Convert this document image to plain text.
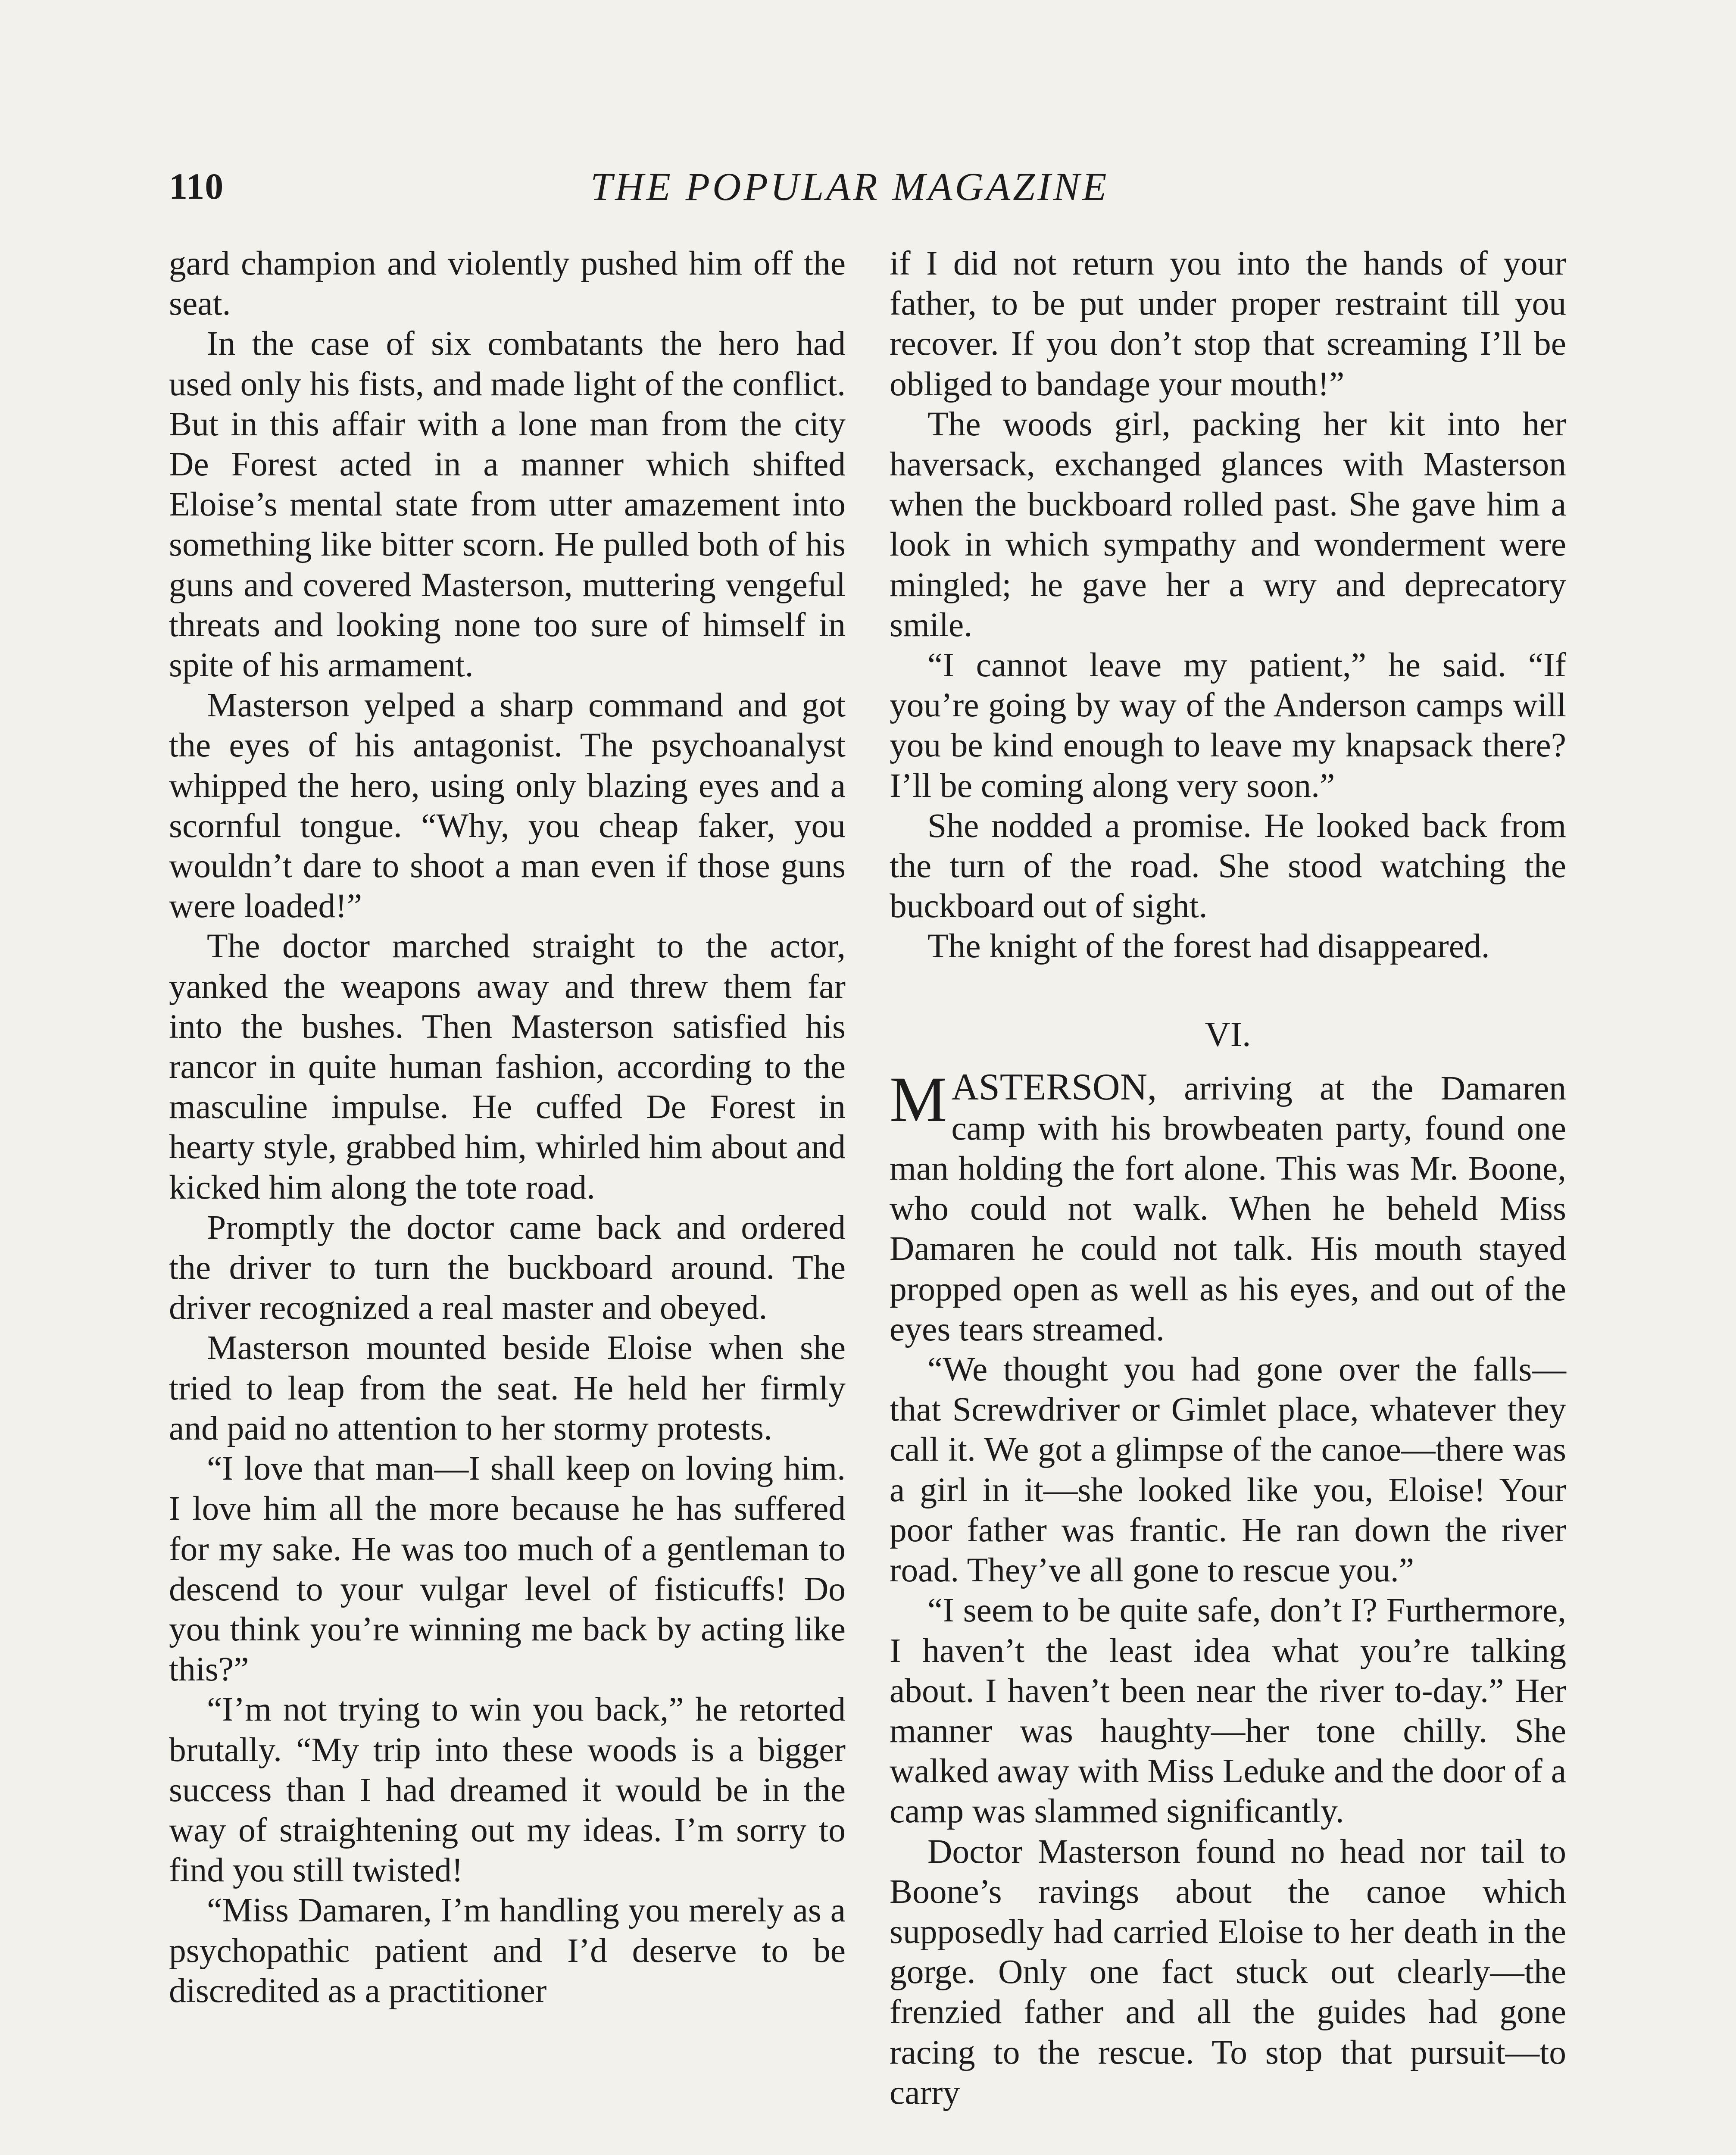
110	THE POPULAR MAGAZINE

gard champion and violently pushed him off the seat.

In the case of six combatants the hero had used only his fists, and made light of the conflict. But in this affair with a lone man from the city De Forest acted in a manner which shifted Eloise’s mental state from utter amazement into something like bitter scorn. He pulled both of his guns and covered Masterson, muttering vengeful threats and looking none too sure of himself in spite of his armament.

Masterson yelped a sharp command and got the eyes of his antagonist. The psychoanalyst whipped the hero, using only blazing eyes and a scornful tongue. “Why, you cheap faker, you wouldn’t dare to shoot a man even if those guns were loaded!”

The doctor marched straight to the actor, yanked the weapons away and threw them far into the bushes. Then Masterson satisfied his rancor in quite human fashion, according to the masculine impulse. He cuffed De Forest in hearty style, grabbed him, whirled him about and kicked him along the tote road.

Promptly the doctor came back and ordered the driver to turn the buckboard around. The driver recognized a real master and obeyed.

Masterson mounted beside Eloise when she tried to leap from the seat. He held her firmly and paid no attention to her stormy protests.

“I love that man—I shall keep on loving him. I love him all the more because he has suffered for my sake. He was too much of a gentleman to descend to your vulgar level of fisticuffs! Do you think you’re winning me back by acting like this?”

“I’m not trying to win you back,” he retorted brutally. “My trip into these woods is a bigger success than I had dreamed it would be in the way of straightening out my ideas. I’m sorry to find you still twisted!

“Miss Damaren, I’m handling you merely as a psychopathic patient and I’d deserve to be discredited as a practitioner

if I did not return you into the hands of your father, to be put under proper restraint till you recover. If you don’t stop that screaming I’ll be obliged to bandage your mouth!”

The woods girl, packing her kit into her haversack, exchanged glances with Masterson when the buckboard rolled past. She gave him a look in which sympathy and wonderment were mingled; he gave her a wry and deprecatory smile.

“I cannot leave my patient,” he said. “If you’re going by way of the Anderson camps will you be kind enough to leave my knapsack there? I’ll be coming along very soon.”

She nodded a promise. He looked back from the turn of the road. She stood watching the buckboard out of sight.

The knight of the forest had disappeared.

VI.

MASTERSON, arriving at the Damaren camp with his browbeaten party, found one man holding the fort alone. This was Mr. Boone, who could not walk. When he beheld Miss Damaren he could not talk. His mouth stayed propped open as well as his eyes, and out of the eyes tears streamed.

“We thought you had gone over the falls—that Screwdriver or Gimlet place, whatever they call it. We got a glimpse of the canoe—there was a girl in it—she looked like you, Eloise! Your poor father was frantic. He ran down the river road. They’ve all gone to rescue you.”

“I seem to be quite safe, don’t I? Furthermore, I haven’t the least idea what you’re talking about. I haven’t been near the river to-day.” Her manner was haughty—her tone chilly. She walked away with Miss Leduke and the door of a camp was slammed significantly.

Doctor Masterson found no head nor tail to Boone’s ravings about the canoe which supposedly had carried Eloise to her death in the gorge. Only one fact stuck out clearly—the frenzied father and all the guides had gone racing to the rescue. To stop that pursuit—to carry
